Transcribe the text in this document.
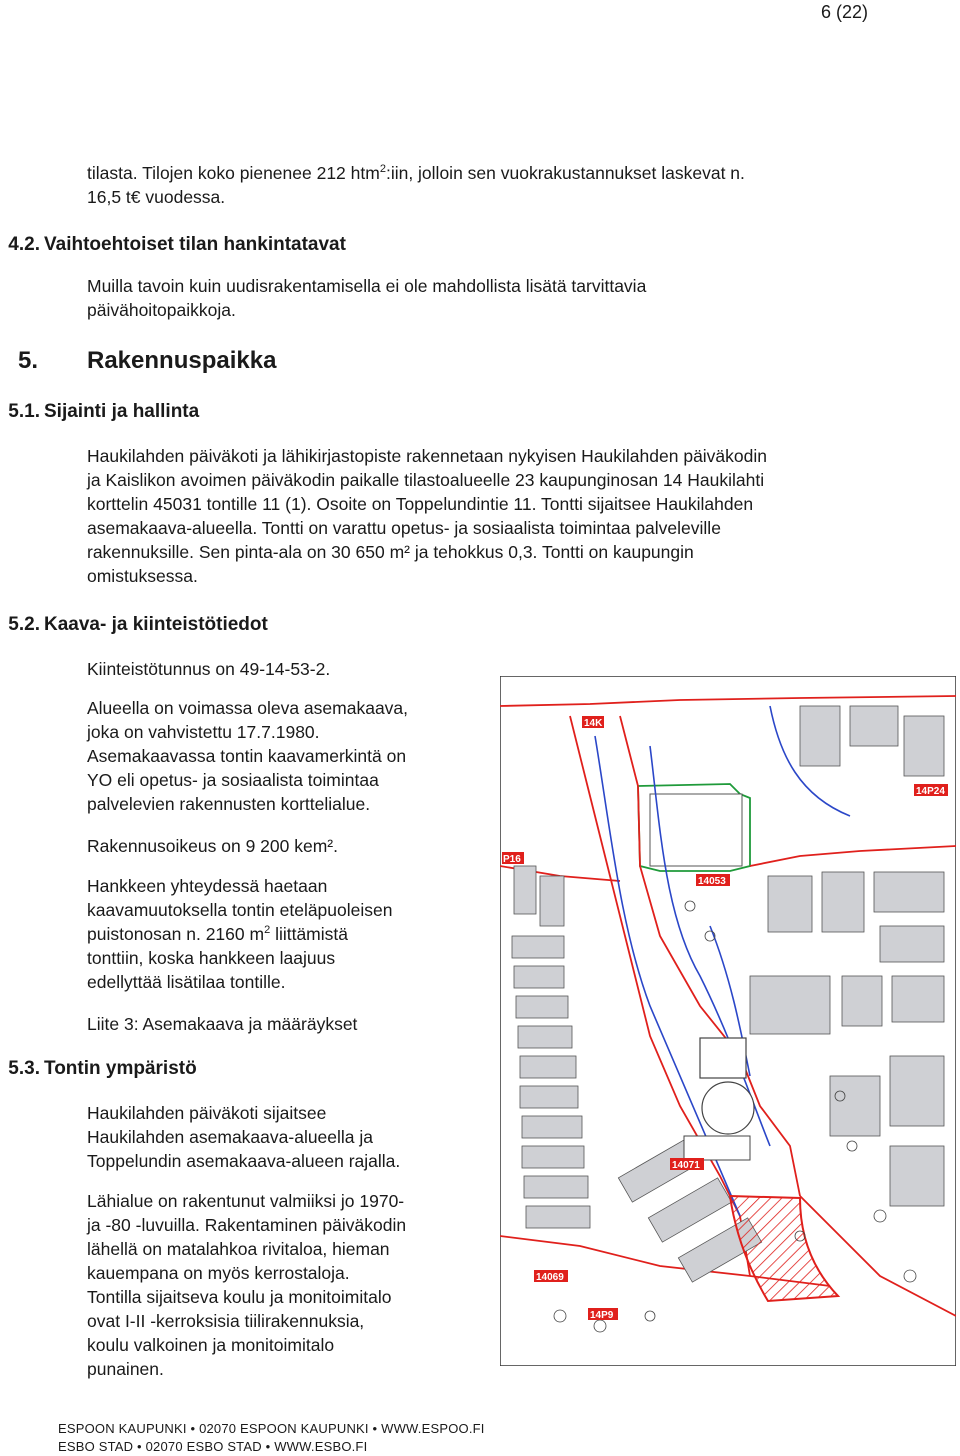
6 (22)
tilasta. Tilojen koko pienenee 212 htm$^2$:iin, jolloin sen vuokrakustannukset laskevat n.
16,5 t€ vuodessa.
4.2. Vaihtoehtoiset tilan hankintatavat
Muilla tavoin kuin uudisrakentamisella ei ole mahdollista lisätä tarvittavia
päivähoitopaikkoja.
5. Rakennuspaikka
5.1. Sijainti ja hallinta
Haukilahden päiväkoti ja lähikirjastopiste rakennetaan nykyisen Haukilahden päiväkodin
ja Kaislikon avoimen päiväkodin paikalle tilastoalueelle 23 kaupunginosan 14 Haukilahti
korttelin 45031 tontille 11 (1). Osoite on Toppelundintie 11. Tontti sijaitsee Haukilahden
asemakaava-alueella. Tontti on varattu opetus- ja sosiaalista toimintaa palveleville
rakennuksille. Sen pinta-ala on 30 650 m² ja tehokkus 0,3. Tontti on kaupungin
omistuksessa.
5.2. Kaava- ja kiinteistötiedot
Kiinteistötunnus on 49-14-53-2.
Alueella on voimassa oleva asemakaava,
joka on vahvistettu 17.7.1980.
Asemakaavassa tontin kaavamerkintä on
YO eli opetus- ja sosiaalista toimintaa
palvelevien rakennusten korttelialue.
Rakennusoikeus on 9 200 kem².
Hankkeen yhteydessä haetaan
kaavamuutoksella tontin eteläpuoleisen
puistonosan n. 2160 $m^2$ liittämistä
tonttiin, koska hankkeen laajuus
edellyttää lisätilaa tontille.
Liite 3: Asemakaava ja määräykset
5.3. Tontin ympäristö
Haukilahden päiväkoti sijaitsee
Haukilahden asemakaava-alueella ja
Toppelundin asemakaava-alueen rajalla.
Lähialue on rakentunut valmiiksi jo 1970-
ja -80 -luvuilla. Rakentaminen päiväkodin
lähellä on matalahkoa rivitaloa, hieman
kauempana on myös kerrostaloja.
Tontilla sijaitseva koulu ja monitoimitalo
ovat I-II -kerroksisia tiilirakennuksia,
koulu valkoinen ja monitoimitalo
punainen.
14K
14P24
P16
14053
14071
14069
14P9
ESPOON KAUPUNKI • 02070 ESPOON KAUPUNKI • WWW.ESPOO.FI
ESBO STAD • 02070 ESBO STAD • WWW.ESBO.FI
